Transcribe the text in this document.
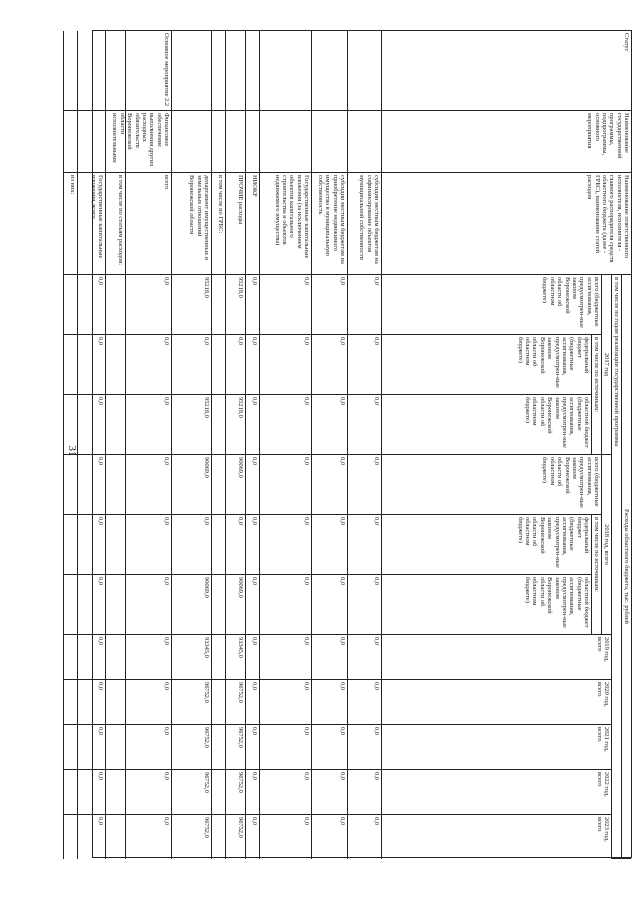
31
Статус
Наименование государственной программы, подпрограммы, основного мероприятия
Наименование ответственного исполнителя, исполнителя - главного распорядителя средств областного бюджета (далее - ГРБС), наименование статей расходов
Расходы областного бюджета, тыс. рублей
в том числе по годам реализации государственной программы
2017 год
всего (бюджетные ассигнования, предусмотрен-ные законом Воронежской области об областном бюджете)
в том числе по источникам:
федеральный бюджет (бюджетные ассигнования, предусмотрен-ные законом Воронежской области об областном бюджете)
областной бюджет (бюджетные ассигнования, предусмотрен-ные законом Воронежской области об областном бюджете)
2018 год, всего
всего (бюджетные ассигнования, предусмотрен-ные законом Воронежской области об областном бюджете)
в том числе по источникам:
федеральный бюджет (бюджетные ассигнования, предусмотрен-ные законом Воронежской области об областном бюджете)
областной бюджет (бюджетные ассигнования, предусмотрен-ные законом Воронежской области об областном бюджете)
2019 год, всего
2020 год, всего
2021 год, всего
2022 год, всего
2023 год, всего
субсидии местным бюджетам на софинансирование объектов муниципальной собственности
0,0
0,0
0,0
0,0
0,0
0,0
0,0
0,0
0,0
0,0
0,0
субсидии местным бюджетам на приобретение недвижимого имущества в муниципальную собственность
0,0
0,0
0,0
0,0
0,0
0,0
0,0
0,0
0,0
0,0
0,0
Государственные капитальные вложения (за исключением объектов капитального строительства и объектов недвижимого имущества)
0,0
0,0
0,0
0,0
0,0
0,0
0,0
0,0
0,0
0,0
0,0
НИОКР
0,0
0,0
0,0
0,0
0,0
0,0
0,0
0,0
0,0
0,0
0,0
ПРОЧИЕ расходы
95218,0
0,0
95218,0
90069,0
0,0
90069,0
93345,0
96752,0
96752,0
96752,0
96752,0
в том числе по ГРБС:
департамент имущественных и земельных отношений Воронежской области
95218,0
0,0
95218,0
90069,0
0,0
90069,0
93345,0
96752,0
96752,0
96752,0
96752,0
Основное мероприятие 2.2
Финансовое обеспечение выполнения других расходных обязательств Воронежской области исполнительными
всего
0,0
0,0
0,0
0,0
0,0
0,0
0,0
0,0
0,0
0,0
0,0
в том числе по статьям расходов:
Государственные капитальные вложения, всего
0,0
0,0
0,0
0,0
0,0
0,0
0,0
0,0
0,0
0,0
0,0
из них:
